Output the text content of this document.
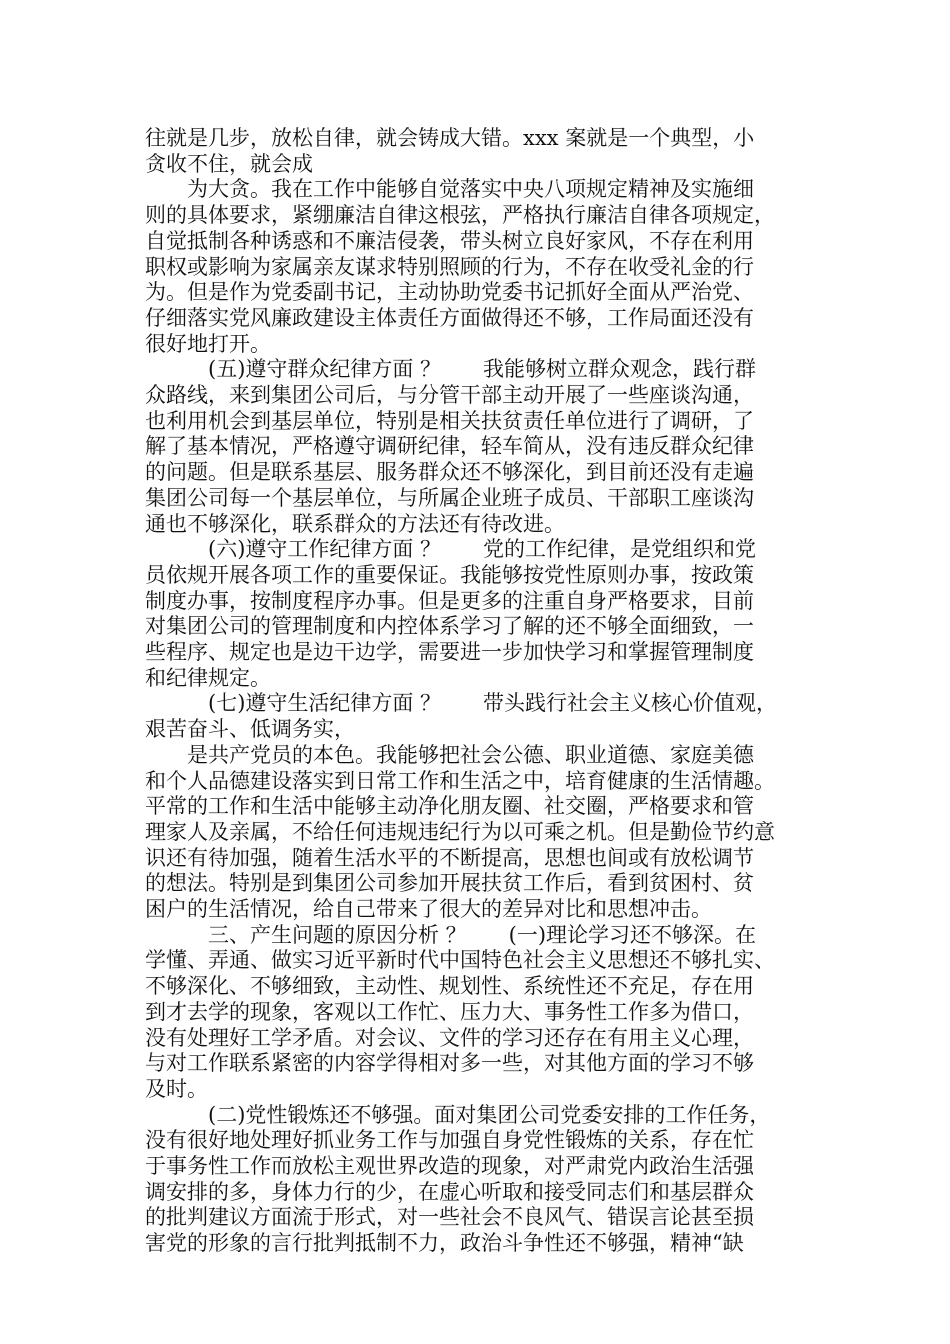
往就是几步，放松自律，就会铸成大错。xxx 案就是一个典型，小
贪收不住，就会成
　　为大贪。我在工作中能够自觉落实中央八项规定精神及实施细
则的具体要求，紧绷廉洁自律这根弦，严格执行廉洁自律各项规定，
自觉抵制各种诱惑和不廉洁侵袭，带头树立良好家风，不存在利用
职权或影响为家属亲友谋求特别照顾的行为，不存在收受礼金的行
为。但是作为党委副书记，主动协助党委书记抓好全面从严治党、
仔细落实党风廉政建设主体责任方面做得还不够，工作局面还没有
很好地打开。
　　　(五)遵守群众纪律方面 ？　　我能够树立群众观念，践行群
众路线，来到集团公司后，与分管干部主动开展了一些座谈沟通，
也利用机会到基层单位，特别是相关扶贫责任单位进行了调研，了
解了基本情况，严格遵守调研纪律，轻车简从，没有违反群众纪律
的问题。但是联系基层、服务群众还不够深化，到目前还没有走遍
集团公司每一个基层单位，与所属企业班子成员、干部职工座谈沟
通也不够深化，联系群众的方法还有待改进。
　　　(六)遵守工作纪律方面 ？　　党的工作纪律，是党组织和党
员依规开展各项工作的重要保证。我能够按党性原则办事，按政策
制度办事，按制度程序办事。但是更多的注重自身严格要求，目前
对集团公司的管理制度和内控体系学习了解的还不够全面细致，一
些程序、规定也是边干边学，需要进一步加快学习和掌握管理制度
和纪律规定。
　　　(七)遵守生活纪律方面 ？　　带头践行社会主义核心价值观，
艰苦奋斗、低调务实，
　　是共产党员的本色。我能够把社会公德、职业道德、家庭美德
和个人品德建设落实到日常工作和生活之中，培育健康的生活情趣。
平常的工作和生活中能够主动净化朋友圈、社交圈，严格要求和管
理家人及亲属，不给任何违规违纪行为以可乘之机。但是勤俭节约意
识还有待加强，随着生活水平的不断提高，思想也间或有放松调节
的想法。特别是到集团公司参加开展扶贫工作后，看到贫困村、贫
困户的生活情况，给自己带来了很大的差异对比和思想冲击。
　　　三、产生问题的原因分析 ？　　(一)理论学习还不够深。在
学懂、弄通、做实习近平新时代中国特色社会主义思想还不够扎实、
不够深化、不够细致，主动性、规划性、系统性还不充足，存在用
到才去学的现象，客观以工作忙、压力大、事务性工作多为借口，
没有处理好工学矛盾。对会议、文件的学习还存在有用主义心理，
与对工作联系紧密的内容学得相对多一些，对其他方面的学习不够
及时。
　　　(二)党性锻炼还不够强。面对集团公司党委安排的工作任务，
没有很好地处理好抓业务工作与加强自身党性锻炼的关系，存在忙
于事务性工作而放松主观世界改造的现象，对严肃党内政治生活强
调安排的多，身体力行的少，在虚心听取和接受同志们和基层群众
的批判建议方面流于形式，对一些社会不良风气、错误言论甚至损
害党的形象的言行批判抵制不力，政治斗争性还不够强，精神“缺
